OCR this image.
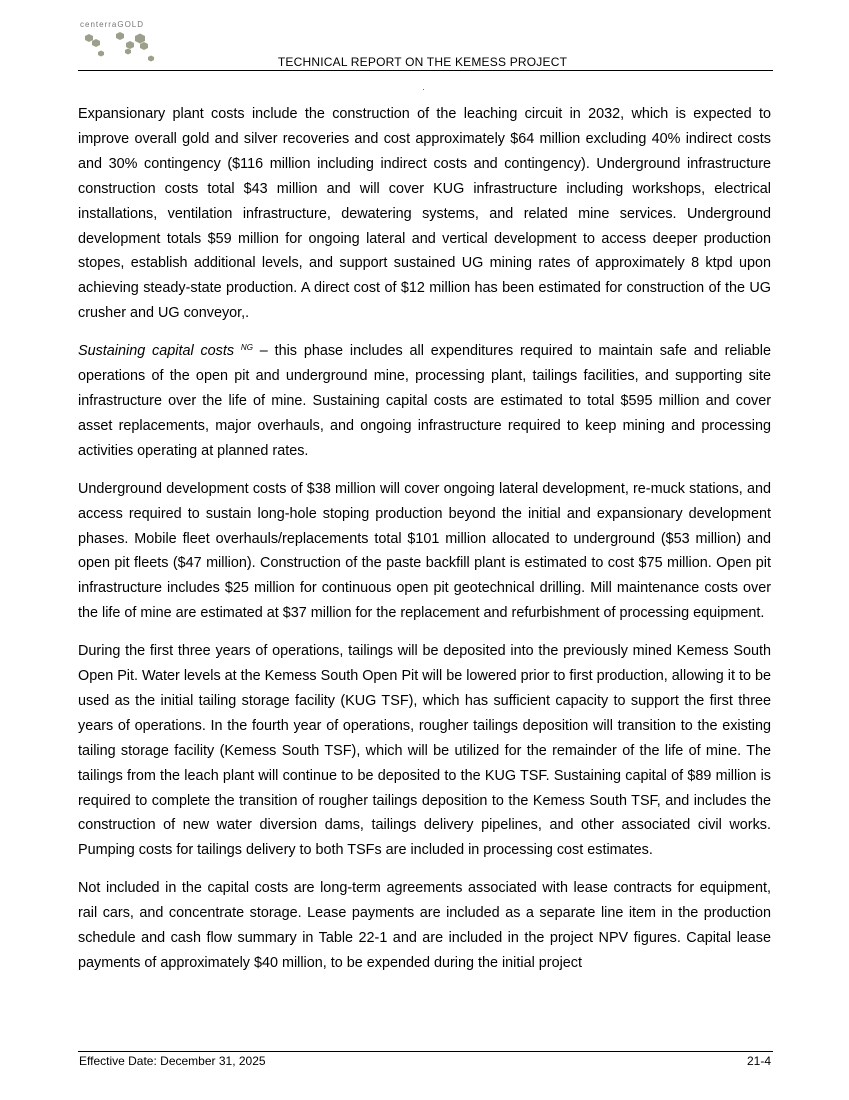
centerraGOLD
TECHNICAL REPORT ON THE KEMESS PROJECT

Expansionary plant costs include the construction of the leaching circuit in 2032, which is expected to improve overall gold and silver recoveries and cost approximately $64 million excluding 40% indirect costs and 30% contingency ($116 million including indirect costs and contingency). Underground infrastructure construction costs total $43 million and will cover KUG infrastructure including workshops, electrical installations, ventilation infrastructure, dewatering systems, and related mine services. Underground development totals $59 million for ongoing lateral and vertical development to access deeper production stopes, establish additional levels, and support sustained UG mining rates of approximately 8 ktpd upon achieving steady-state production. A direct cost of $12 million has been estimated for construction of the UG crusher and UG conveyor,.

Sustaining capital costs $^{NG}$ – this phase includes all expenditures required to maintain safe and reliable operations of the open pit and underground mine, processing plant, tailings facilities, and supporting site infrastructure over the life of mine. Sustaining capital costs are estimated to total $595 million and cover asset replacements, major overhauls, and ongoing infrastructure required to keep mining and processing activities operating at planned rates.

Underground development costs of $38 million will cover ongoing lateral development, re-muck stations, and access required to sustain long-hole stoping production beyond the initial and expansionary development phases. Mobile fleet overhauls/replacements total $101 million allocated to underground ($53 million) and open pit fleets ($47 million). Construction of the paste backfill plant is estimated to cost $75 million. Open pit infrastructure includes $25 million for continuous open pit geotechnical drilling. Mill maintenance costs over the life of mine are estimated at $37 million for the replacement and refurbishment of processing equipment.

During the first three years of operations, tailings will be deposited into the previously mined Kemess South Open Pit. Water levels at the Kemess South Open Pit will be lowered prior to first production, allowing it to be used as the initial tailing storage facility (KUG TSF), which has sufficient capacity to support the first three years of operations. In the fourth year of operations, rougher tailings deposition will transition to the existing tailing storage facility (Kemess South TSF), which will be utilized for the remainder of the life of mine. The tailings from the leach plant will continue to be deposited to the KUG TSF. Sustaining capital of $89 million is required to complete the transition of rougher tailings deposition to the Kemess South TSF, and includes the construction of new water diversion dams, tailings delivery pipelines, and other associated civil works. Pumping costs for tailings delivery to both TSFs are included in processing cost estimates.

Not included in the capital costs are long-term agreements associated with lease contracts for equipment, rail cars, and concentrate storage. Lease payments are included as a separate line item in the production schedule and cash flow summary in Table 22-1 and are included in the project NPV figures. Capital lease payments of approximately $40 million, to be expended during the initial project

Effective Date: December 31, 2025	21-4
